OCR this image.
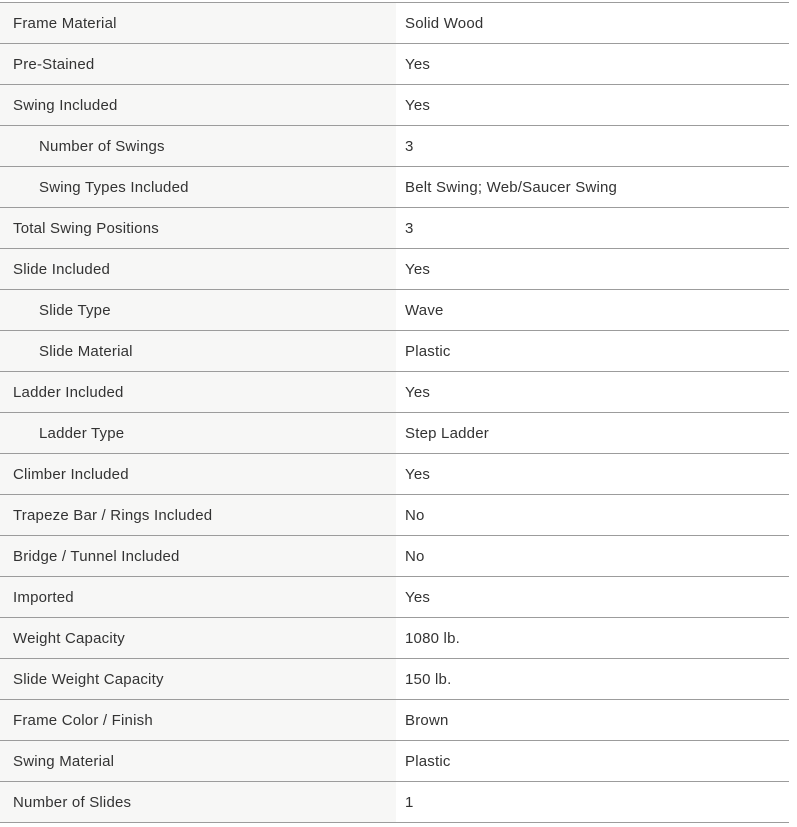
Frame Material	Solid Wood
Pre-Stained	Yes
Swing Included	Yes
Number of Swings	3
Swing Types Included	Belt Swing; Web/Saucer Swing
Total Swing Positions	3
Slide Included	Yes
Slide Type	Wave
Slide Material	Plastic
Ladder Included	Yes
Ladder Type	Step Ladder
Climber Included	Yes
Trapeze Bar / Rings Included	No
Bridge / Tunnel Included	No
Imported	Yes
Weight Capacity	1080 lb.
Slide Weight Capacity	150 lb.
Frame Color / Finish	Brown
Swing Material	Plastic
Number of Slides	1
